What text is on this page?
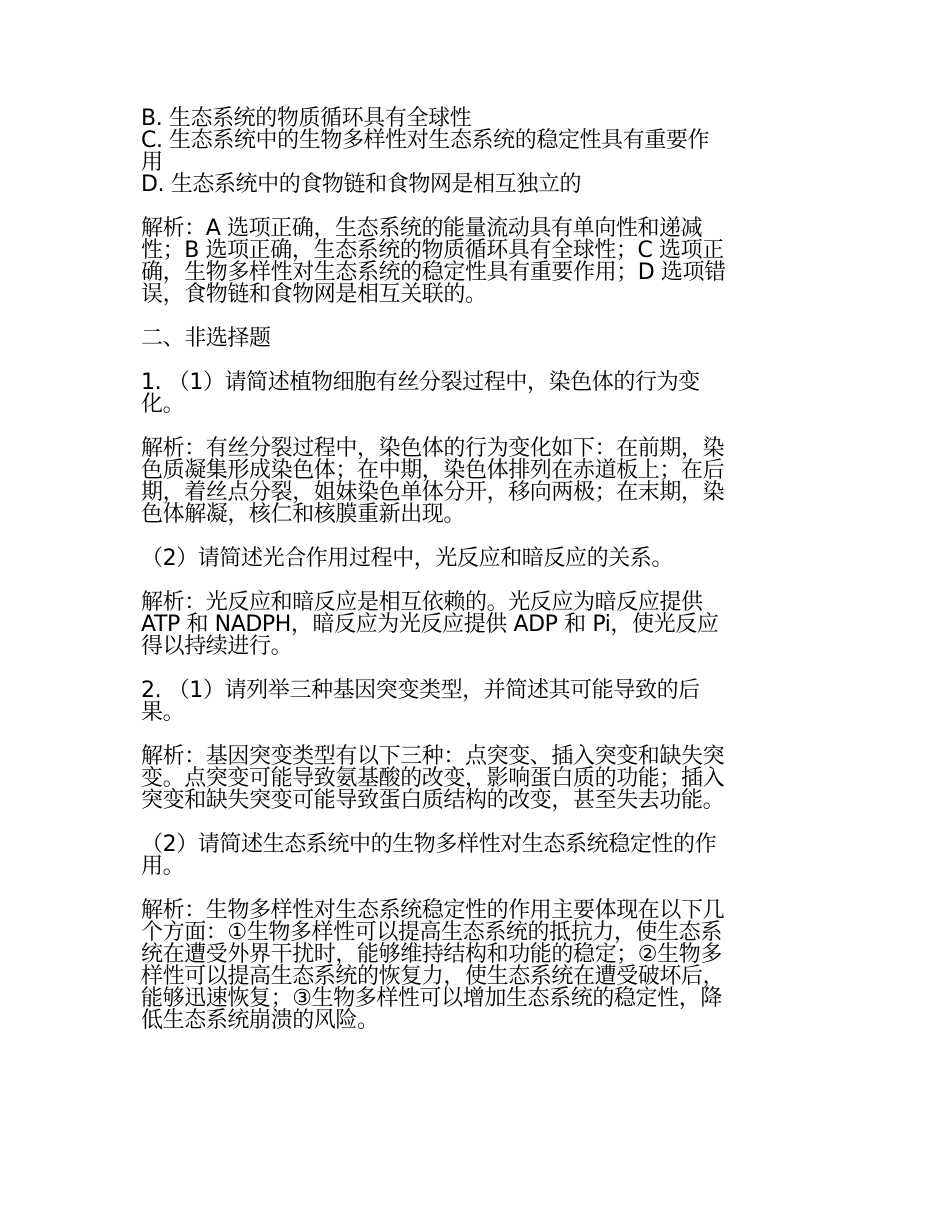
B. 生态系统的物质循环具有全球性
C. 生态系统中的生物多样性对生态系统的稳定性具有重要作
用
D. 生态系统中的食物链和食物网是相互独立的
解析：A 选项正确，生态系统的能量流动具有单向性和递减
性；B 选项正确，生态系统的物质循环具有全球性；C 选项正
确，生物多样性对生态系统的稳定性具有重要作用；D 选项错
误，食物链和食物网是相互关联的。
二、非选择题
1. （1）请简述植物细胞有丝分裂过程中，染色体的行为变
化。
解析：有丝分裂过程中，染色体的行为变化如下：在前期，染
色质凝集形成染色体；在中期，染色体排列在赤道板上；在后
期，着丝点分裂，姐妹染色单体分开，移向两极；在末期，染
色体解凝，核仁和核膜重新出现。
（2）请简述光合作用过程中，光反应和暗反应的关系。
解析：光反应和暗反应是相互依赖的。光反应为暗反应提供
ATP 和 NADPH，暗反应为光反应提供 ADP 和 Pi，使光反应
得以持续进行。
2. （1）请列举三种基因突变类型，并简述其可能导致的后
果。
解析：基因突变类型有以下三种：点突变、插入突变和缺失突
变。点突变可能导致氨基酸的改变，影响蛋白质的功能；插入
突变和缺失突变可能导致蛋白质结构的改变，甚至失去功能。
（2）请简述生态系统中的生物多样性对生态系统稳定性的作
用。
解析：生物多样性对生态系统稳定性的作用主要体现在以下几
个方面：①生物多样性可以提高生态系统的抵抗力，使生态系
统在遭受外界干扰时，能够维持结构和功能的稳定；②生物多
样性可以提高生态系统的恢复力，使生态系统在遭受破坏后，
能够迅速恢复；③生物多样性可以增加生态系统的稳定性，降
低生态系统崩溃的风险。
